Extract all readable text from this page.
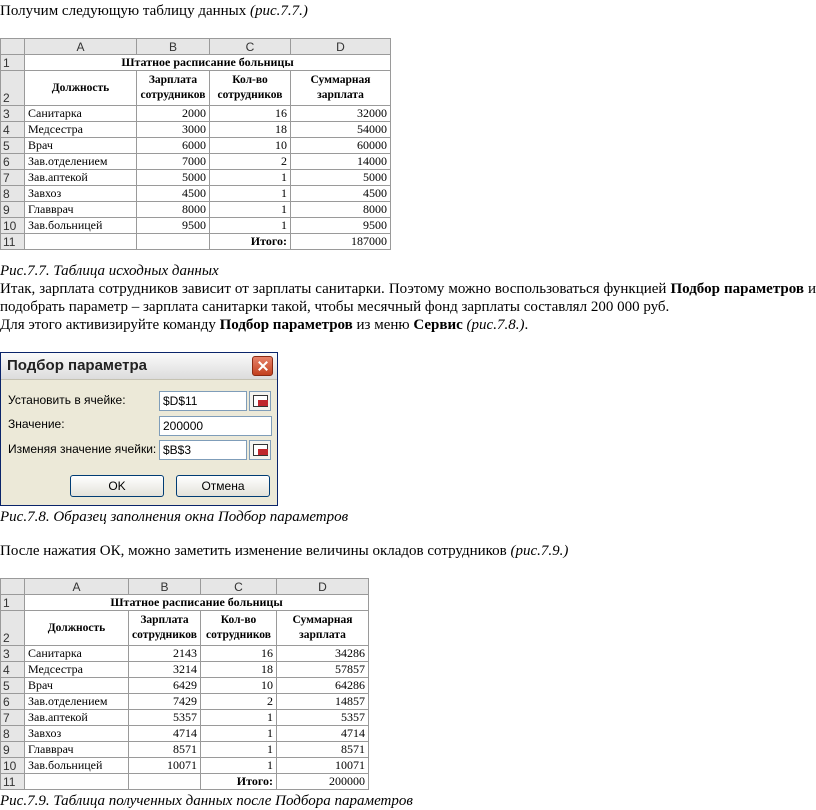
Получим следующую таблицу данных (рис.7.7.)
	A	B	C	D
1	Штатное расписание больницы			
2	Должность	Зарплата сотрудников	Кол-во сотрудников	Суммарная зарплата
3	Санитарка	2000	16	32000
4	Медсестра	3000	18	54000
5	Врач	6000	10	60000
6	Зав.отделением	7000	2	14000
7	Зав.аптекой	5000	1	5000
8	Завхоз	4500	1	4500
9	Главврач	8000	1	8000
10	Зав.больницей	9500	1	9500
11			Итого:	187000
Рис.7.7. Таблица исходных данных
Итак, зарплата сотрудников зависит от зарплаты санитарки. Поэтому можно воспользоваться функцией Подбор параметров и подобрать параметр – зарплата санитарки такой, чтобы месячный фонд зарплаты составлял 200 000 руб.
Для этого активизируйте команду Подбор параметров из меню Сервис (рис.7.8.).
Подбор параметра
Установить в ячейке:	$D$11
Значение:	200000
Изменяя значение ячейки: $B$3
OK	Отмена
Рис.7.8. Образец заполнения окна Подбор параметров
После нажатия ОК, можно заметить изменение величины окладов сотрудников (рис.7.9.)
	A	B	C	D
1	Штатное расписание больницы			
2	Должность	Зарплата сотрудников	Кол-во сотрудников	Суммарная зарплата
3	Санитарка	2143	16	34286
4	Медсестра	3214	18	57857
5	Врач	6429	10	64286
6	Зав.отделением	7429	2	14857
7	Зав.аптекой	5357	1	5357
8	Завхоз	4714	1	4714
9	Главврач	8571	1	8571
10	Зав.больницей	10071	1	10071
11			Итого:	200000
Рис.7.9. Таблица полученных данных после Подбора параметров
